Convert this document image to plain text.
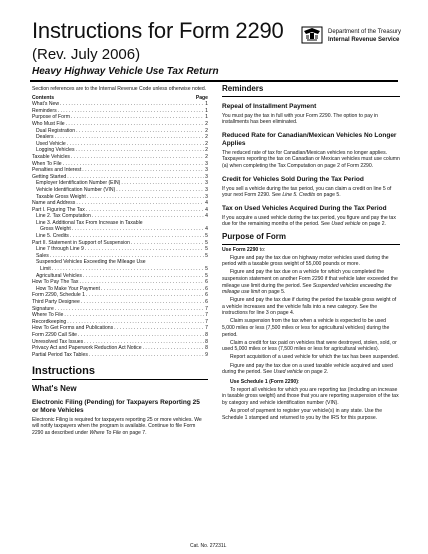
Instructions for Form 2290
(Rev. July 2006)
Heavy Highway Vehicle Use Tax Return
Department of the Treasury
Internal Revenue Service
Section references are to the Internal Revenue Code unless otherwise noted.
Contents	Page
What's New . . .	1
Reminders . . .	1
Purpose of Form . . .	1
Who Must File . . .	2
Dual Registration . . .	2
Dealers . . .	2
Used Vehicle . . .	2
Logging Vehicles . . .	2
Taxable Vehicles . . .	2
When To File . . .	3
Penalties and Interest . . .	3
Getting Started . . .	3
Employer Identification Number (EIN) . . .	3
Vehicle Identification Number (VIN) . . .	3
Taxable Gross Weight . . .	3
Name and Address . . .	4
Part I. Figuring The Tax . . .	4
Line 2. Tax Computation . . .	4
Line 3. Additional Tax From Increase in Taxable
Gross Weight . . .	4
Line 5. Credits . . .	5
Part II. Statement in Support of Suspension . . .	5
Line 7 through Line 9 . . .	5
Sales . . .	5
Suspended Vehicles Exceeding the Mileage Use
Limit . . .	5
Agricultural Vehicles . . .	5
How To Pay The Tax . . .	6
How To Make Your Payment . . .	6
Form 2290, Schedule 1 . . .	6
Third Party Designee . . .	6
Signature . . .	7
Where To File . . .	7
Recordkeeping . . .	7
How To Get Forms and Publications . . .	7
Form 2290 Call Site . . .	8
Unresolved Tax Issues . . .	8
Privacy Act and Paperwork Reduction Act Notice . . .	8
Partial Period Tax Tables . . .	9
Instructions
What's New
Electronic Filing (Pending) for Taxpayers Reporting 25 or More Vehicles

Electronic Filing is required for taxpayers reporting 25 or more vehicles. We will notify taxpayers when the program is available. Continue to file Form 2290 as described under Where To File on page 7.

Reminders
Repeal of Installment Payment

You must pay the tax in full with your Form 2290. The option to pay in installments has been eliminated.

Reduced Rate for Canadian/Mexican Vehicles No Longer Applies

The reduced rate of tax for Canadian/Mexican vehicles no longer applies. Taxpayers reporting the tax on Canadian or Mexican vehicles must use column (a) when completing the Tax Computation on page 2 of Form 2290.

Credit for Vehicles Sold During the Tax Period

If you sell a vehicle during the tax period, you can claim a credit on line 5 of your next Form 2290. See Line 5. Credits on page 5.

Tax on Used Vehicles Acquired During the Tax Period

If you acquire a used vehicle during the tax period, you figure and pay the tax due for the remaining months of the period. See Used vehicle on page 2.

Purpose of Form

Use Form 2290 to:

Figure and pay the tax due on highway motor vehicles used during the period with a taxable gross weight of 55,000 pounds or more.

Figure and pay the tax due on a vehicle for which you completed the suspension statement on another Form 2290 if that vehicle later exceeded the mileage use limit during the period. See Suspended vehicles exceeding the mileage use limit on page 5.

Figure and pay the tax due if during the period the taxable gross weight of a vehicle increases and the vehicle falls into a new category. See the instructions for line 3 on page 4.

Claim suspension from the tax when a vehicle is expected to be used 5,000 miles or less (7,500 miles or less for agricultural vehicles) during the period.

Claim a credit for tax paid on vehicles that were destroyed, stolen, sold, or used 5,000 miles or less (7,500 miles or less for agricultural vehicles).

Report acquisition of a used vehicle for which the tax has been suspended.

Figure and pay the tax due on a used taxable vehicle acquired and used during the period. See Used vehicle on page 2.

Use Schedule 1 (Form 2290):

To report all vehicles for which you are reporting tax (including an increase in taxable gross weight) and those that you are reporting suspension of the tax by category and vehicle identification number (VIN).

As proof of payment to register your vehicle(s) in any state. Use the Schedule 1 stamped and returned to you by the IRS for this purpose.

Cat. No. 27231L
